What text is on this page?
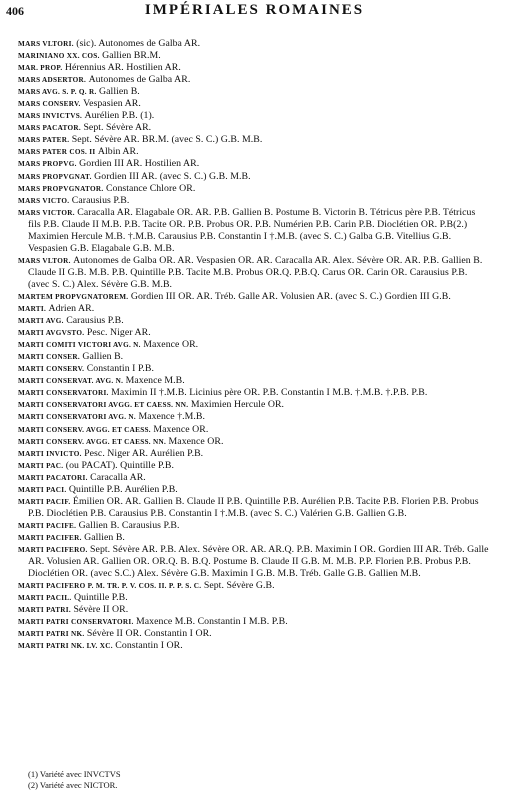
406	IMPÉRIALES ROMAINES

MARS VLTORI. (sic). Autonomes de Galba AR.

MARINIANO XX. COS. Gallien BR.M.

MAR. PROP. Hérennius AR. Hostilien AR.

MARS ADSERTOR. Autonomes de Galba AR.

MARS AVG. S. P. Q. R. Gallien B.

MARS CONSERV. Vespasien AR.

MARS INVICTVS. Aurélien P.B. (1).

MARS PACATOR. Sept. Sévère AR.

MARS PATER. Sept. Sévère AR. BR.M. (avec S. C.) G.B. M.B.

MARS PATER COS. II Albin AR.

MARS PROPVG. Gordien III AR. Hostilien AR.

MARS PROPVGNAT. Gordien III AR. (avec S. C.) G.B. M.B.

MARS PROPVGNATOR. Constance Chlore OR.

MARS VICTO. Carausius P.B.

MARS VICTOR. Caracalla AR. Elagabale OR. AR. P.B. Gallien B. Postume B. Victorin B. Tétricus père P.B. Tétricus fils P.B. Claude II M.B. P.B. Tacite OR. P.B. Probus OR. P.B. Numérien P.B. Carin P.B. Dioclétien OR. P.B(2.) Maximien Hercule M.B. †.M.B. Carausius P.B. Constantin I †.M.B. (avec S. C.) Galba G.B. Vitellius G.B. Vespasien G.B. Elagabale G.B. M.B.

MARS VLTOR. Autonomes de Galba OR. AR. Vespasien OR. AR. Caracalla AR. Alex. Sévère OR. AR. P.B. Gallien B. Claude II G.B. M.B. P.B. Quintille P.B. Tacite M.B. Probus OR.Q. P.B.Q. Carus OR. Carin OR. Carausius P.B. (avec S. C.) Alex. Sévère G.B. M.B.

MARTEM PROPVGNATOREM. Gordien III OR. AR. Tréb. Galle AR. Volusien AR. (avec S. C.) Gordien III G.B.

MARTI. Adrien AR.

MARTI AVG. Carausius P.B.

MARTI AVGVSTO. Pesc. Niger AR.

MARTI COMITI VICTORI AVG. N. Maxence OR.

MARTI CONSER. Gallien B.

MARTI CONSERV. Constantin I P.B.

MARTI CONSERVAT. AVG. N. Maxence M.B.

MARTI CONSERVATORI. Maximin II †.M.B. Licinius père OR. P.B. Constantin I M.B. †.M.B. †.P.B. P.B.

MARTI CONSERVATORI AVGG. ET CAESS. NN. Maximien Hercule OR.

MARTI CONSERVATORI AVG. N. Maxence †.M.B.

MARTI CONSERV. AVGG. ET CAESS. Maxence OR.

MARTI CONSERV. AVGG. ET CAESS. NN. Maxence OR.

MARTI INVICTO. Pesc. Niger AR. Aurélien P.B.

MARTI PAC. (ou PACAT). Quintille P.B.

MARTI PACATORI. Caracalla AR.

MARTI PACI. Quintille P.B. Aurélien P.B.

MARTI PACIF. Émilien OR. AR. Gallien B. Claude II P.B. Quintille P.B. Aurélien P.B. Tacite P.B. Florien P.B. Probus P.B. Dioclétien P.B. Carausius P.B. Constantin I †.M.B. (avec S. C.) Valérien G.B. Gallien G.B.

MARTI PACIFE. Gallien B. Carausius P.B.

MARTI PACIFER. Gallien B.

MARTI PACIFERO. Sept. Sévère AR. P.B. Alex. Sévère OR. AR. AR.Q. P.B. Maximin I OR. Gordien III AR. Tréb. Galle AR. Volusien AR. Gallien OR. OR.Q. B. B.Q. Postume B. Claude II G.B. M. M.B. P.P. Florien P.B. Probus P.B. Dioclétien OR. (avec S.C.) Alex. Sévère G.B. Maximin I G.B. M.B. Tréb. Galle G.B. Gallien M.B.

MARTI PACIFERO P. M. TR. P. V. COS. II. P. P. S. C. Sept. Sévère G.B.

MARTI PACIL. Quintille P.B.

MARTI PATRI. Sévère II OR.

MARTI PATRI CONSERVATORI. Maxence M.B. Constantin I M.B. P.B.

MARTI PATRI NK. Sévère II OR. Constantin I OR.

MARTI PATRI NK. LV. XC. Constantin I OR.

(1) Variété avec INVCTVS
(2) Variété avec NICTOR.
